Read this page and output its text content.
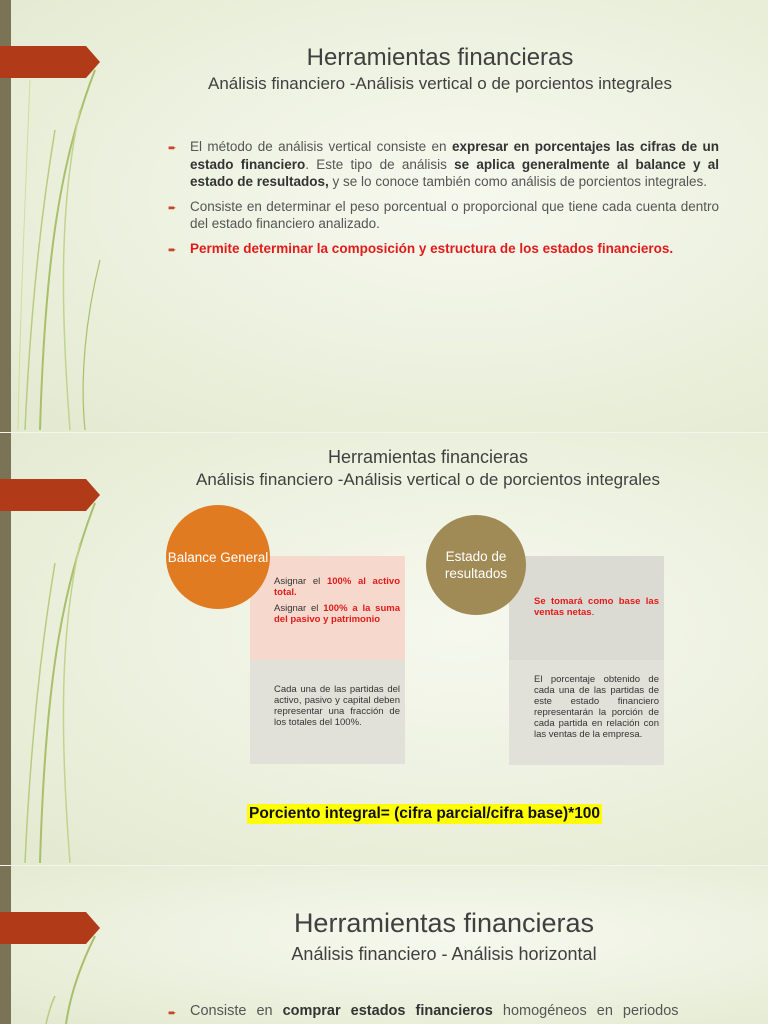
Herramientas financieras
Análisis financiero -Análisis vertical o de porcientos integrales
➨ El método de análisis vertical consiste en expresar en porcentajes las cifras de un estado financiero. Este tipo de análisis se aplica generalmente al balance y al estado de resultados, y se lo conoce también como análisis de porcientos integrales.
➨ Consiste en determinar el peso porcentual o proporcional que tiene cada cuenta dentro del estado financiero analizado.
➨ Permite determinar la composición y estructura de los estados financieros.
Herramientas financieras
Análisis financiero -Análisis vertical o de porcientos integrales
Asignar el 100% al activo total.
Asignar el 100% a la suma del pasivo y patrimonio
Cada una de las partidas del activo, pasivo y capital deben representar una fracción de los totales del 100%.
Balance General
Se tomará como base las ventas netas.
El porcentaje obtenido de cada una de las partidas de este estado financiero representarán la porción de cada partida en relación con las ventas de la empresa.
Estado de resultados
Porciento integral= (cifra parcial/cifra base)*100
Herramientas financieras
Análisis financiero - Análisis horizontal
➨ Consiste en comprar estados financieros homogéneos en periodos
